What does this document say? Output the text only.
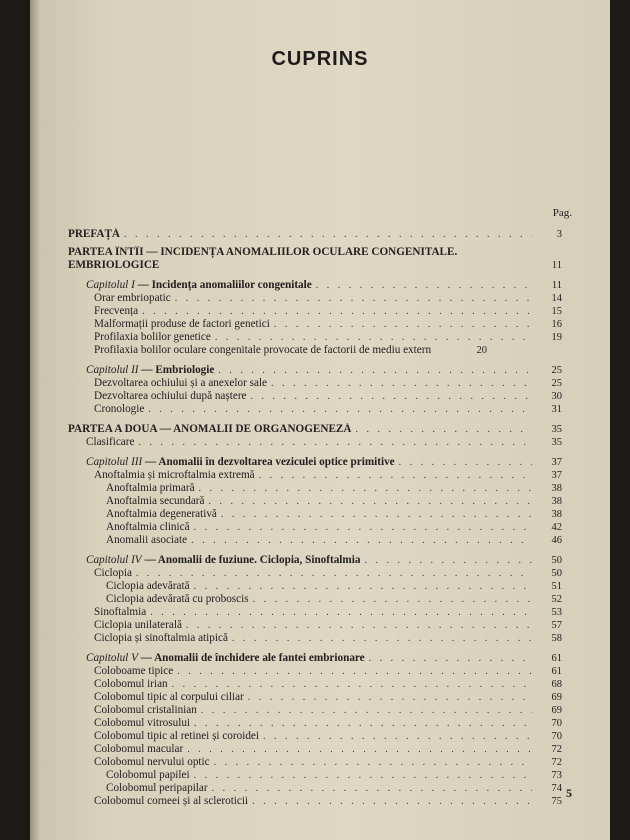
CUPRINS
Pag.
PREFAȚĂ . . .	3
PARTEA ÎNTÎI — INCIDENȚA ANOMALIILOR OCULARE CONGENITALE. EMBRIOLOGICE	11
Capitolul I — Incidența anomaliilor congenitale . . .	11
Orar embriopatic . . .	14
Frecvența . . .	15
Malformații produse de factori genetici . . .	16
Profilaxia bolilor genetice . . .	19
Profilaxia bolilor oculare congenitale provocate de factorii de mediu extern	20
Capitolul II — Embriologie . . .	25
Dezvoltarea ochiului și a anexelor sale . . .	25
Dezvoltarea ochiului după naștere . . .	30
Cronologie . . .	31
PARTEA A DOUA — ANOMALII DE ORGANOGENEZĂ . . .	35
Clasificare . . .	35
Capitolul III — Anomalii în dezvoltarea veziculei optice primitive . . .	37
Anoftalmia și microftalmia extremă . . .	37
Anoftalmia primară . . .	38
Anoftalmia secundară . . .	38
Anoftalmia degenerativă . . .	38
Anoftalmia clinică . . .	42
Anomalii asociate . . .	46
Capitolul IV — Anomalii de fuziune. Ciclopia, Sinoftalmia . . .	50
Ciclopia . . .	50
Ciclopia adevărată . . .	51
Ciclopia adevărată cu proboscis . . .	52
Sinoftalmia . . .	53
Ciclopia unilaterală . . .	57
Ciclopia și sinoftalmia atipică . . .	58
Capitolul V — Anomalii de închidere ale fantei embrionare . . .	61
Coloboame tipice . . .	61
Colobomul irian . . .	68
Colobomul tipic al corpului ciliar . . .	69
Colobomul cristalinian . . .	69
Colobomul vitrosului . . .	70
Colobomul tipic al retinei și coroidei . . .	70
Colobomul macular . . .	72
Colobomul nervului optic . . .	72
Colobomul papilei . . .	73
Colobomul peripapilar . . .	74
Colobomul corneei și al scleroticii . . .	75
5
